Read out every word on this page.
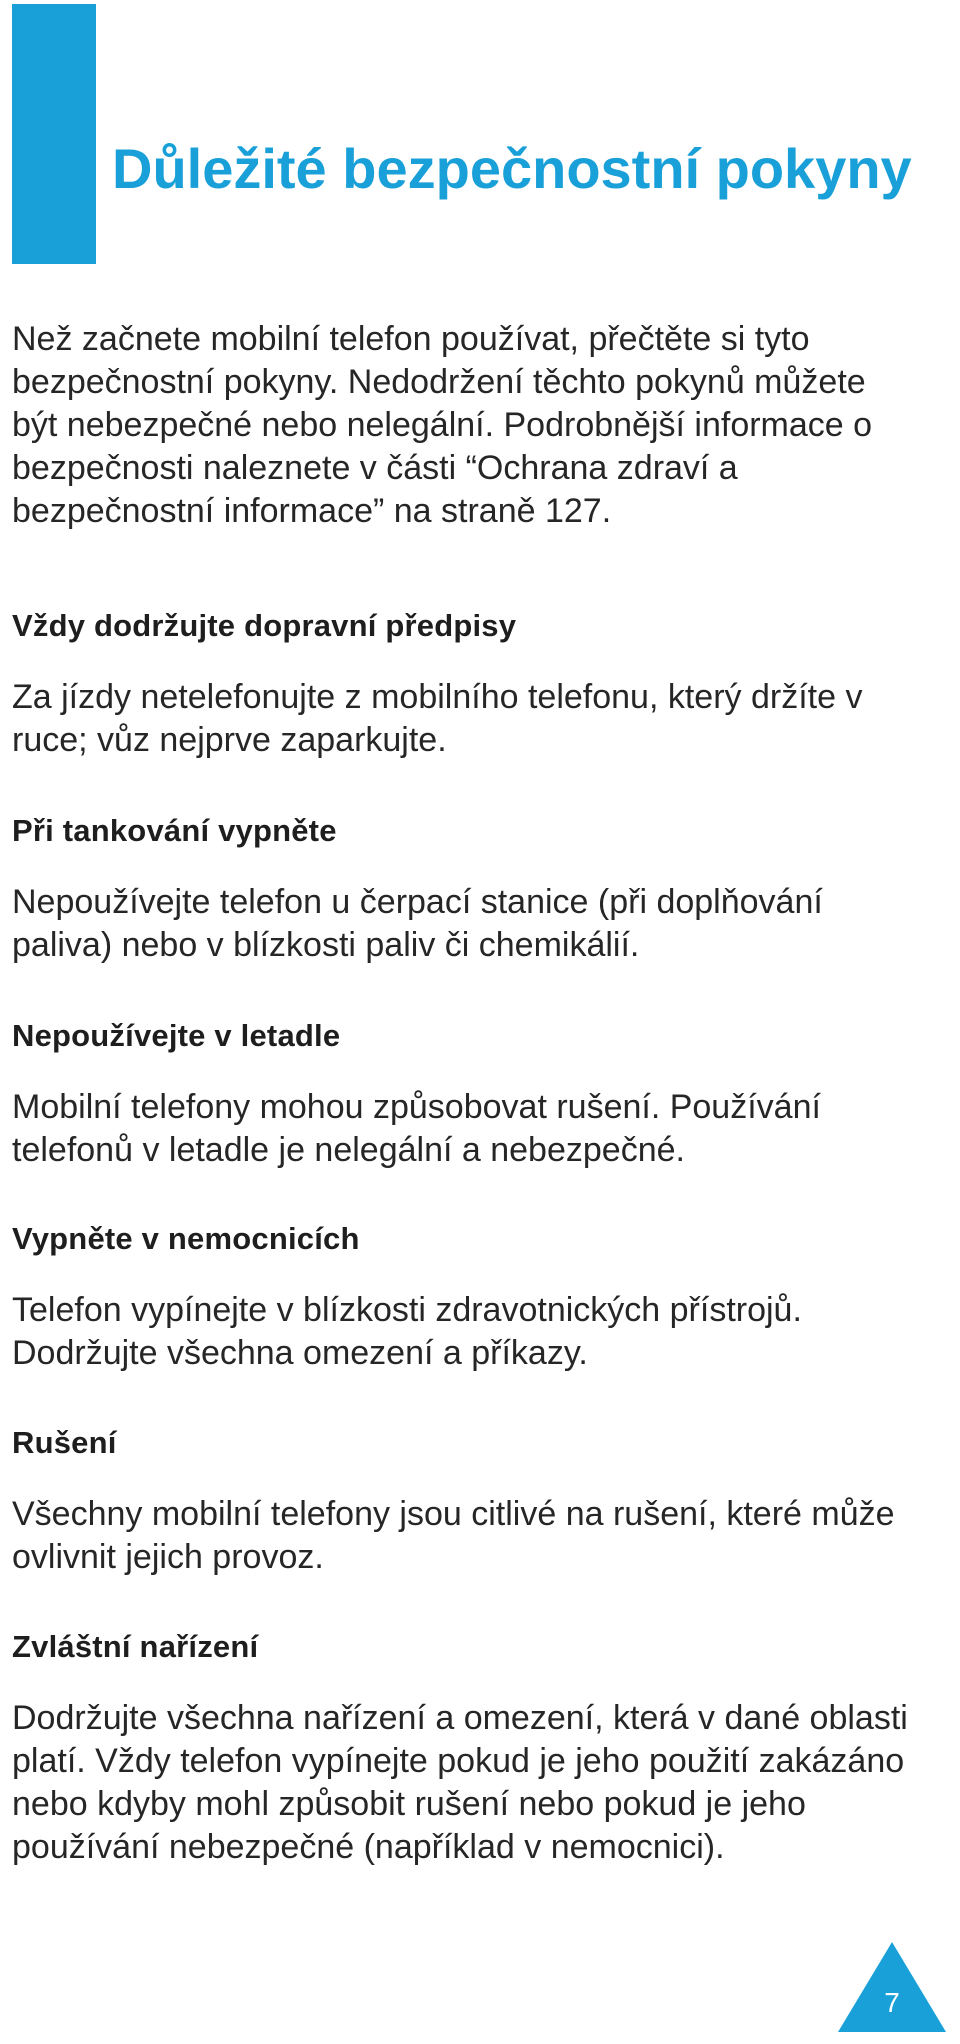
Důležité bezpečnostní pokyny

Než začnete mobilní telefon používat, přečtěte si tyto bezpečnostní pokyny. Nedodržení těchto pokynů můžete být nebezpečné nebo nelegální. Podrobnější informace o bezpečnosti naleznete v části “Ochrana zdraví a bezpečnostní informace” na straně 127.

Vždy dodržujte dopravní předpisy

Za jízdy netelefonujte z mobilního telefonu, který držíte v ruce; vůz nejprve zaparkujte.

Při tankování vypněte

Nepoužívejte telefon u čerpací stanice (při doplňování paliva) nebo v blízkosti paliv či chemikálií.

Nepoužívejte v letadle

Mobilní telefony mohou způsobovat rušení. Používání telefonů v letadle je nelegální a nebezpečné.

Vypněte v nemocnicích

Telefon vypínejte v blízkosti zdravotnických přístrojů. Dodržujte všechna omezení a příkazy.

Rušení

Všechny mobilní telefony jsou citlivé na rušení, které může ovlivnit jejich provoz.

Zvláštní nařízení

Dodržujte všechna nařízení a omezení, která v dané oblasti platí. Vždy telefon vypínejte pokud je jeho použití zakázáno nebo kdyby mohl způsobit rušení nebo pokud je jeho používání nebezpečné (například v nemocnici).

7
